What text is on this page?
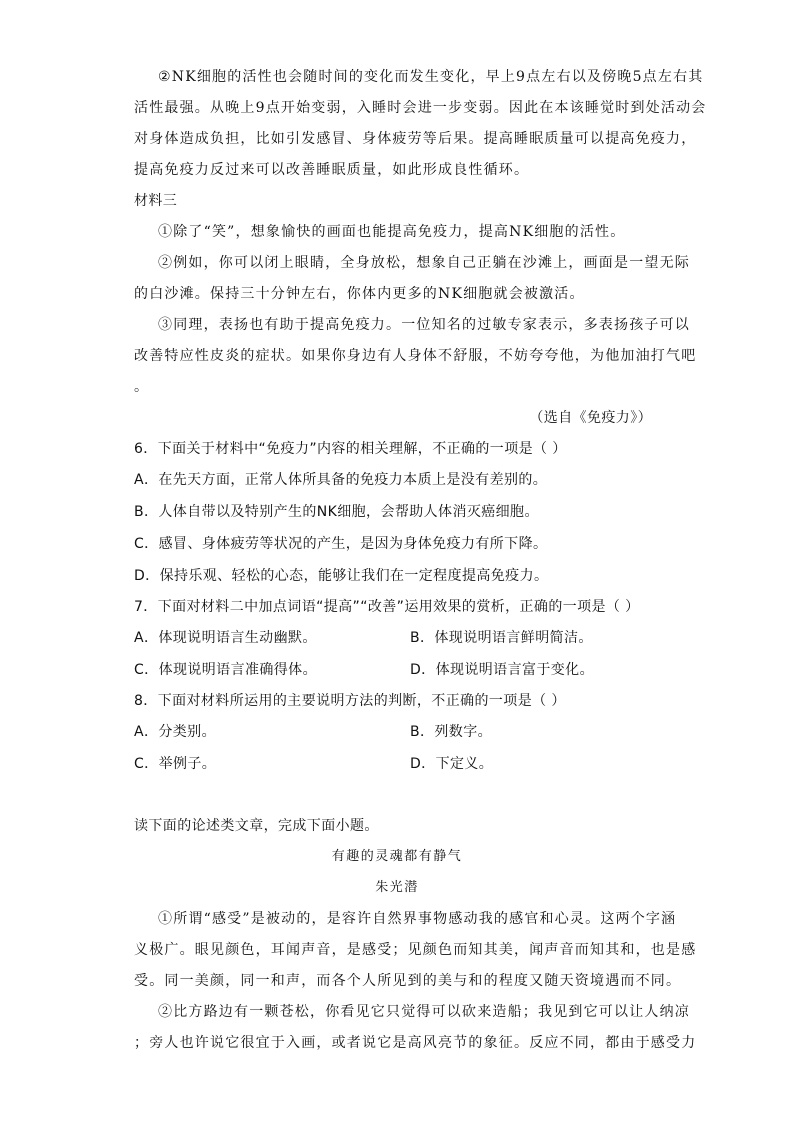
②NK细胞的活性也会随时间的变化而发生变化，早上9点左右以及傍晚5点左右其
活性最强。从晚上9点开始变弱，入睡时会进一步变弱。因此在本该睡觉时到处活动会
对身体造成负担，比如引发感冒、身体疲劳等后果。提高睡眠质量可以提高免疫力，
提高免疫力反过来可以改善睡眠质量，如此形成良性循环。
材料三
①除了“笑”，想象愉快的画面也能提高免疫力，提高NK细胞的活性。
②例如，你可以闭上眼睛，全身放松，想象自己正躺在沙滩上，画面是一望无际
的白沙滩。保持三十分钟左右，你体内更多的NK细胞就会被激活。
③同理，表扬也有助于提高免疫力。一位知名的过敏专家表示，多表扬孩子可以
改善特应性皮炎的症状。如果你身边有人身体不舒服，不妨夸夸他，为他加油打气吧
。
（选自《免疫力》）
6．下面关于材料中“免疫力”内容的相关理解，不正确的一项是（ ）
A．在先天方面，正常人体所具备的免疫力本质上是没有差别的。
B．人体自带以及特别产生的NK细胞，会帮助人体消灭癌细胞。
C．感冒、身体疲劳等状况的产生，是因为身体免疫力有所下降。
D．保持乐观、轻松的心态，能够让我们在一定程度提高免疫力。
7．下面对材料二中加点词语“提高”“改善”运用效果的赏析，正确的一项是（ ）
A．体现说明语言生动幽默。	B．体现说明语言鲜明简洁。
C．体现说明语言准确得体。	D．体现说明语言富于变化。
8．下面对材料所运用的主要说明方法的判断，不正确的一项是（ ）
A．分类别。	B．列数字。
C．举例子。	D．下定义。
读下面的论述类文章，完成下面小题。
有趣的灵魂都有静气
朱光潜
①所谓“感受”是被动的，是容许自然界事物感动我的感官和心灵。这两个字涵
义极广。眼见颜色，耳闻声音，是感受；见颜色而知其美，闻声音而知其和，也是感
受。同一美颜，同一和声，而各个人所见到的美与和的程度又随天资境遇而不同。
②比方路边有一颗苍松，你看见它只觉得可以砍来造船；我见到它可以让人纳凉
；旁人也许说它很宜于入画，或者说它是高风亮节的象征。反应不同，都由于感受力
